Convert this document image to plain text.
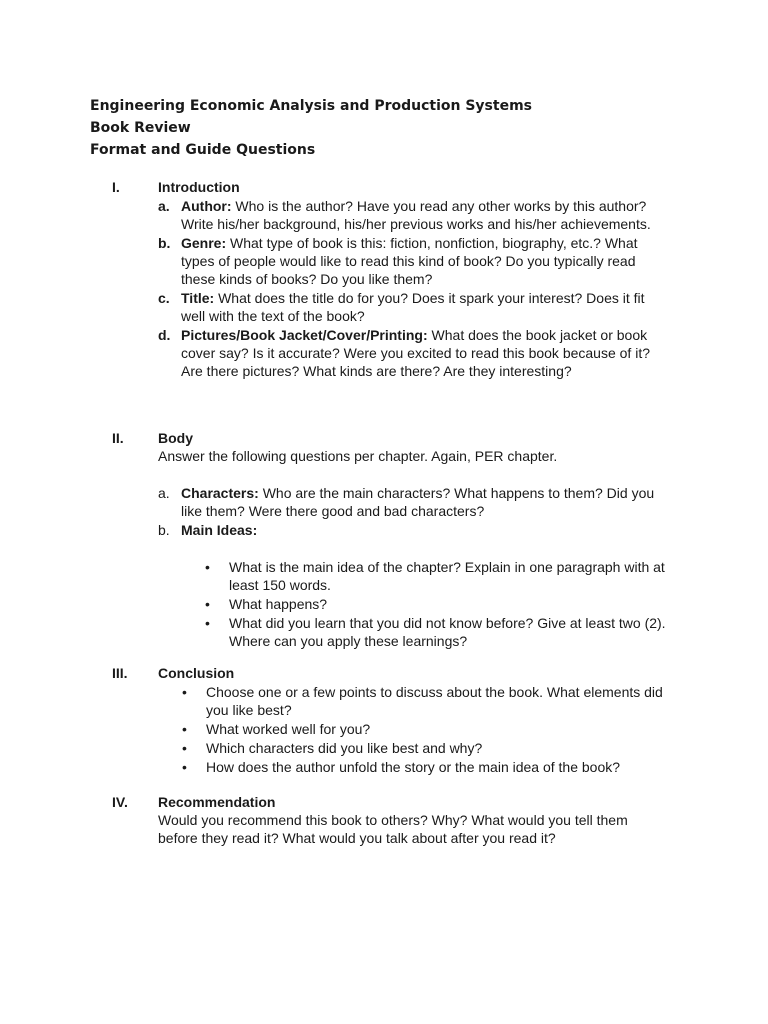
Engineering Economic Analysis and Production Systems
Book Review
Format and Guide Questions
I.	Introduction
a. Author: Who is the author? Have you read any other works by this author? Write his/her background, his/her previous works and his/her achievements.
b. Genre: What type of book is this: fiction, nonfiction, biography, etc.? What types of people would like to read this kind of book? Do you typically read these kinds of books? Do you like them?
c. Title: What does the title do for you? Does it spark your interest? Does it fit well with the text of the book?
d. Pictures/Book Jacket/Cover/Printing: What does the book jacket or book cover say? Is it accurate? Were you excited to read this book because of it? Are there pictures? What kinds are there? Are they interesting?
II.	Body
Answer the following questions per chapter. Again, PER chapter.
a. Characters: Who are the main characters? What happens to them? Did you like them? Were there good and bad characters?
b. Main Ideas:
•	What is the main idea of the chapter? Explain in one paragraph with at least 150 words.
•	What happens?
•	What did you learn that you did not know before? Give at least two (2). Where can you apply these learnings?
III.	Conclusion
•	Choose one or a few points to discuss about the book. What elements did you like best?
•	What worked well for you?
•	Which characters did you like best and why?
•	How does the author unfold the story or the main idea of the book?
IV.	Recommendation
Would you recommend this book to others? Why? What would you tell them before they read it? What would you talk about after you read it?
